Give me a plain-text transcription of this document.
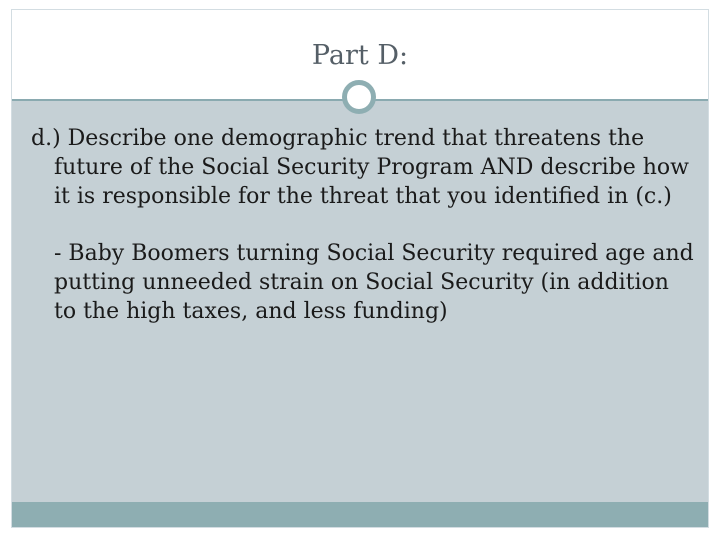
Part D:

d.) Describe one demographic trend that threatens the future of the Social Security Program AND describe how it is responsible for the threat that you identified in (c.)

- Baby Boomers turning Social Security required age and putting unneeded strain on Social Security (in addition to the high taxes, and less funding)
